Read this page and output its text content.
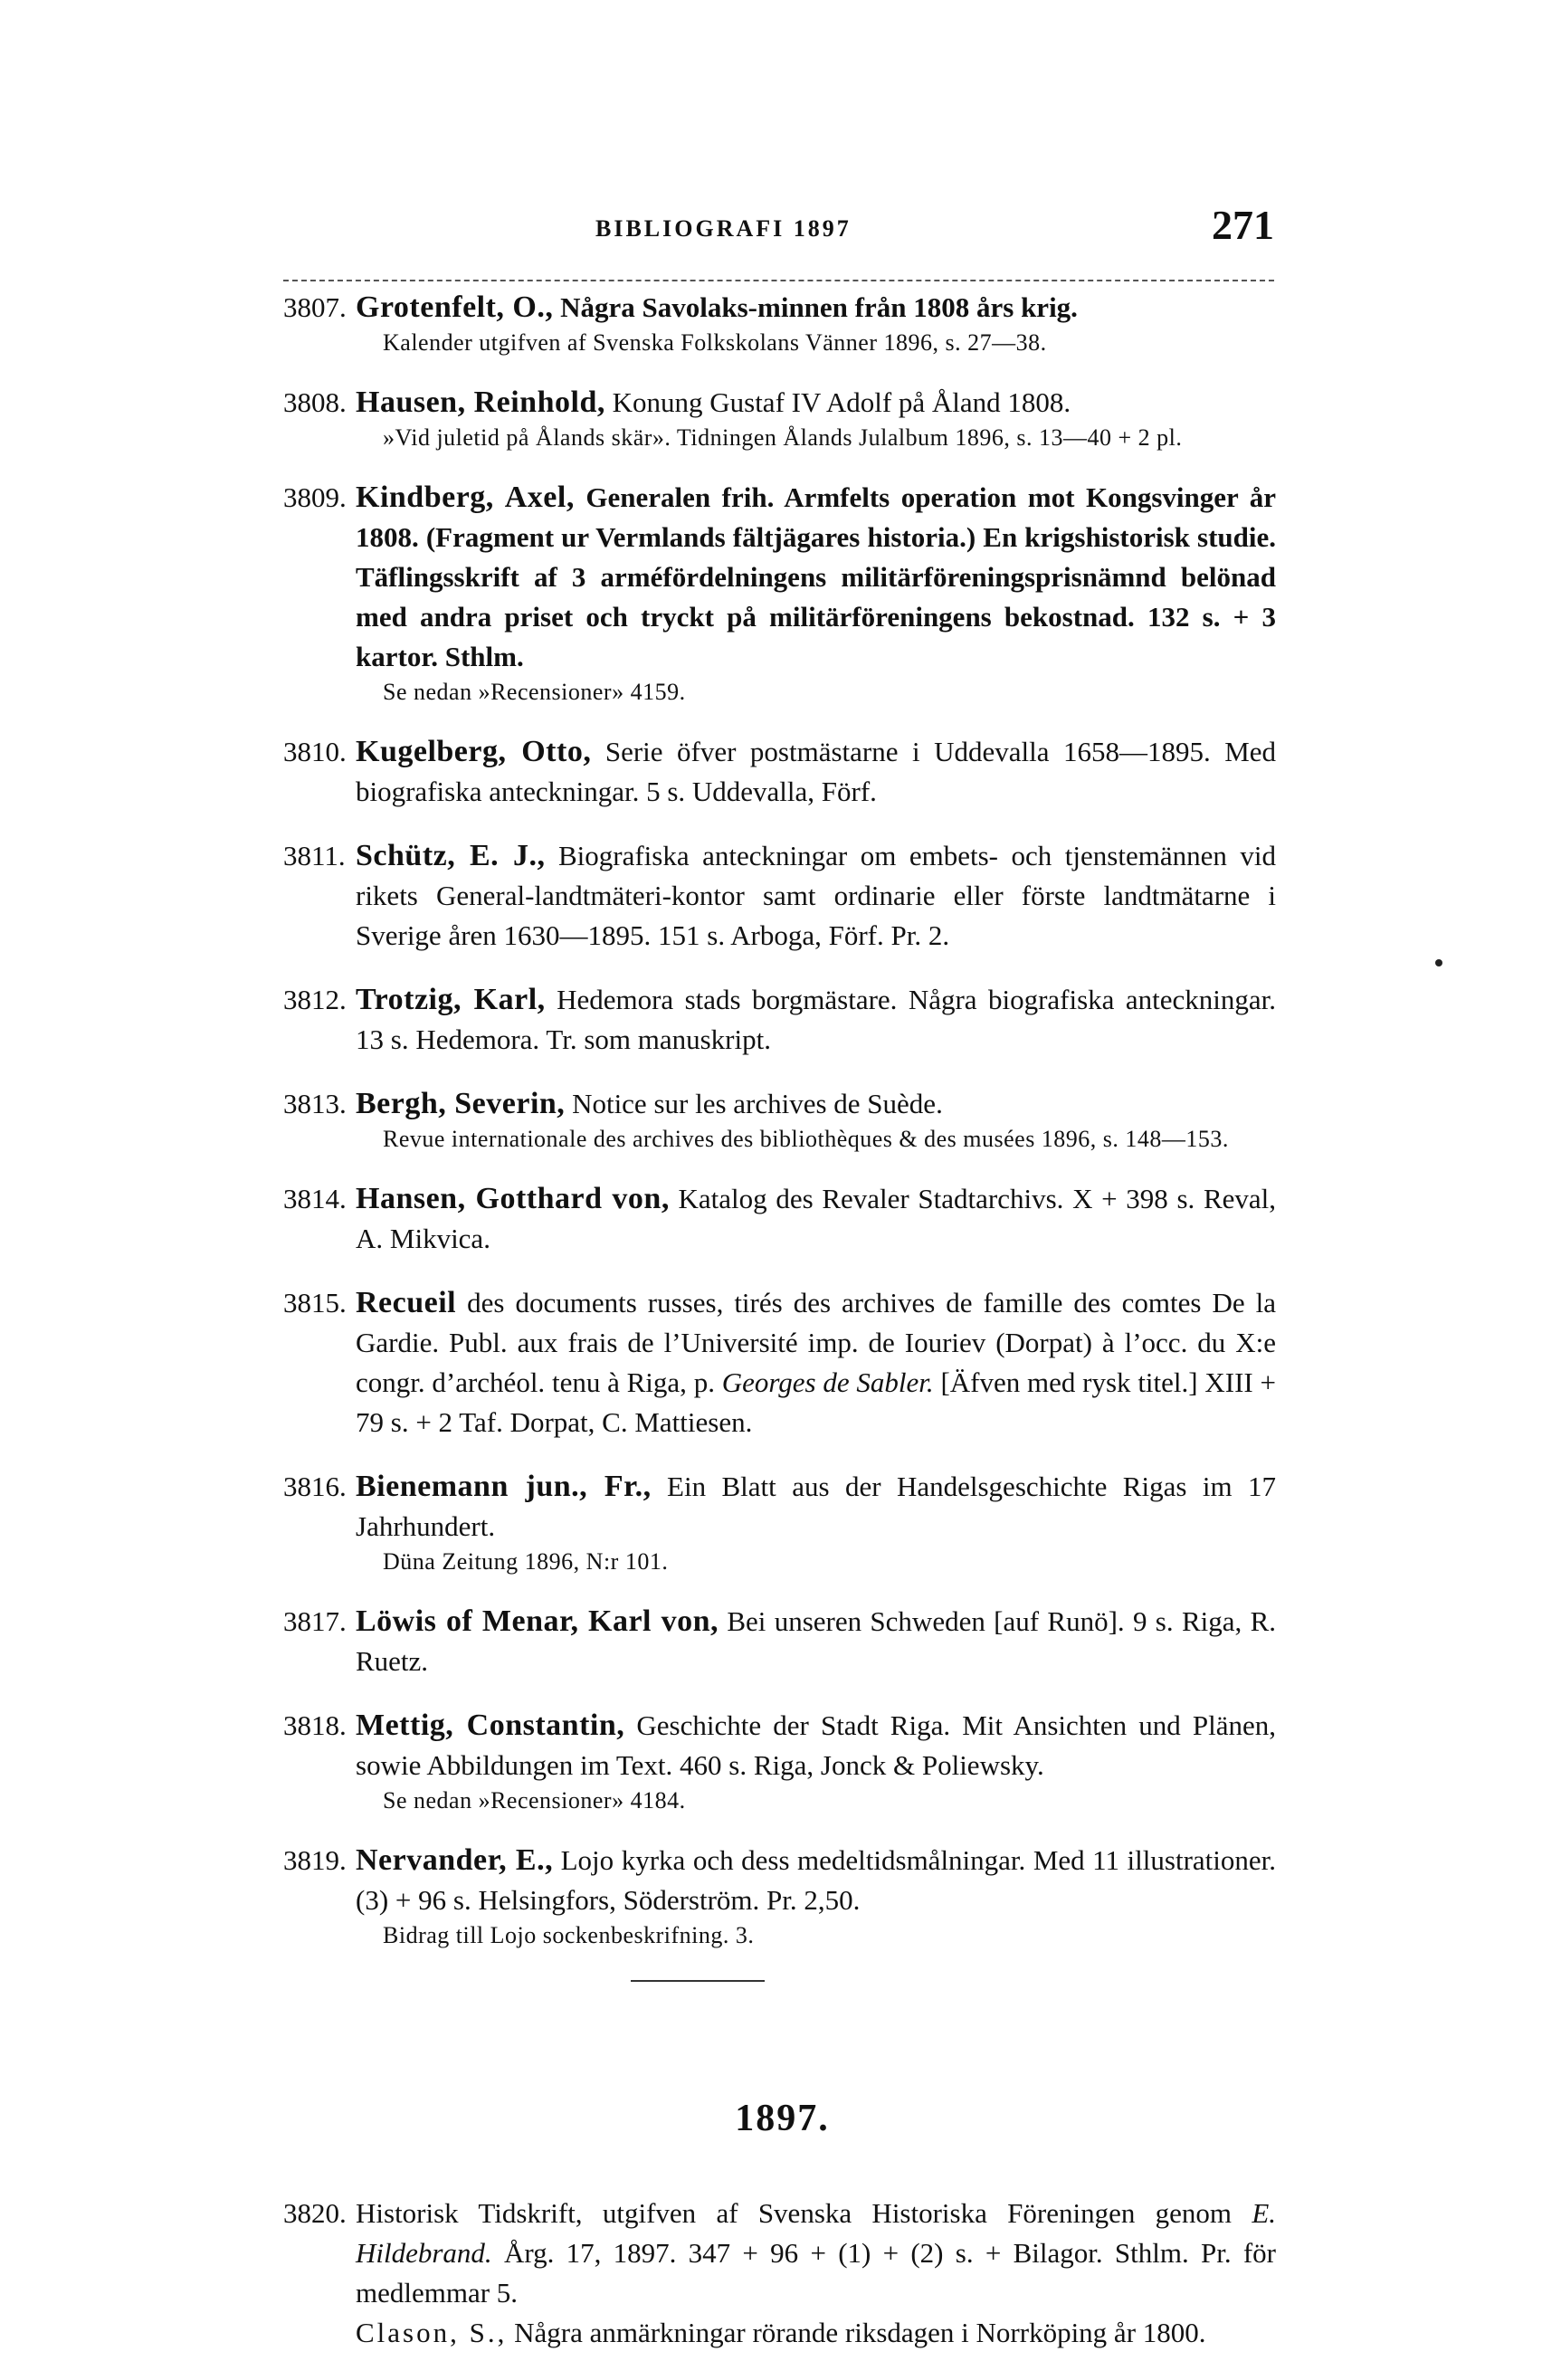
BIBLIOGRAFI 1897	271
3807. Grotenfelt, O., Några Savolaks-minnen från 1808 års krig.
Kalender utgifven af Svenska Folkskolans Vänner 1896, s. 27—38.
3808. Hausen, Reinhold, Konung Gustaf IV Adolf på Åland 1808.
»Vid juletid på Ålands skär». Tidningen Ålands Julalbum 1896, s. 13—40 + 2 pl.
3809. Kindberg, Axel, Generalen frih. Armfelts operation mot Kongsvinger år 1808. (Fragment ur Vermlands fältjägares historia.) En krigshistorisk studie. Täflingsskrift af 3 arméfördelningens militärföreningsprisnämnd belönad med andra priset och tryckt på militärföreningens bekostnad. 132 s. + 3 kartor. Sthlm.
Se nedan »Recensioner» 4159.
3810. Kugelberg, Otto, Serie öfver postmästarne i Uddevalla 1658—1895. Med biografiska anteckningar. 5 s. Uddevalla, Förf.
3811. Schütz, E. J., Biografiska anteckningar om embets- och tjenstemännen vid rikets General-landtmäteri-kontor samt ordinarie eller förste landtmätarne i Sverige åren 1630—1895. 151 s. Arboga, Förf. Pr. 2.
3812. Trotzig, Karl, Hedemora stads borgmästare. Några biografiska anteckningar. 13 s. Hedemora. Tr. som manuskript.
3813. Bergh, Severin, Notice sur les archives de Suède.
Revue internationale des archives des bibliothèques & des musées 1896, s. 148—153.
3814. Hansen, Gotthard von, Katalog des Revaler Stadtarchivs. X + 398 s. Reval, A. Mikvica.
3815. Recueil des documents russes, tirés des archives de famille des comtes De la Gardie. Publ. aux frais de l’Université imp. de Iouriev (Dorpat) à l’occ. du X:e congr. d’archéol. tenu à Riga, p. Georges de Sabler. [Äfven med rysk titel.] XIII + 79 s. + 2 Taf. Dorpat, C. Mattiesen.
3816. Bienemann jun., Fr., Ein Blatt aus der Handelsgeschichte Rigas im 17 Jahrhundert.
Düna Zeitung 1896, N:r 101.
3817. Löwis of Menar, Karl von, Bei unseren Schweden [auf Runö]. 9 s. Riga, R. Ruetz.
3818. Mettig, Constantin, Geschichte der Stadt Riga. Mit Ansichten und Plänen, sowie Abbildungen im Text. 460 s. Riga, Jonck & Poliewsky.
Se nedan »Recensioner» 4184.
3819. Nervander, E., Lojo kyrka och dess medeltidsmålningar. Med 11 illustrationer. (3) + 96 s. Helsingfors, Söderström. Pr. 2,50.
Bidrag till Lojo sockenbeskrifning. 3.
1897.
3820. Historisk Tidskrift, utgifven af Svenska Historiska Föreningen genom E. Hildebrand. Årg. 17, 1897. 347 + 96 + (1) + (2) s. + Bilagor. Sthlm. Pr. för medlemmar 5.
Clason, S., Några anmärkningar rörande riksdagen i Norrköping år 1800.
